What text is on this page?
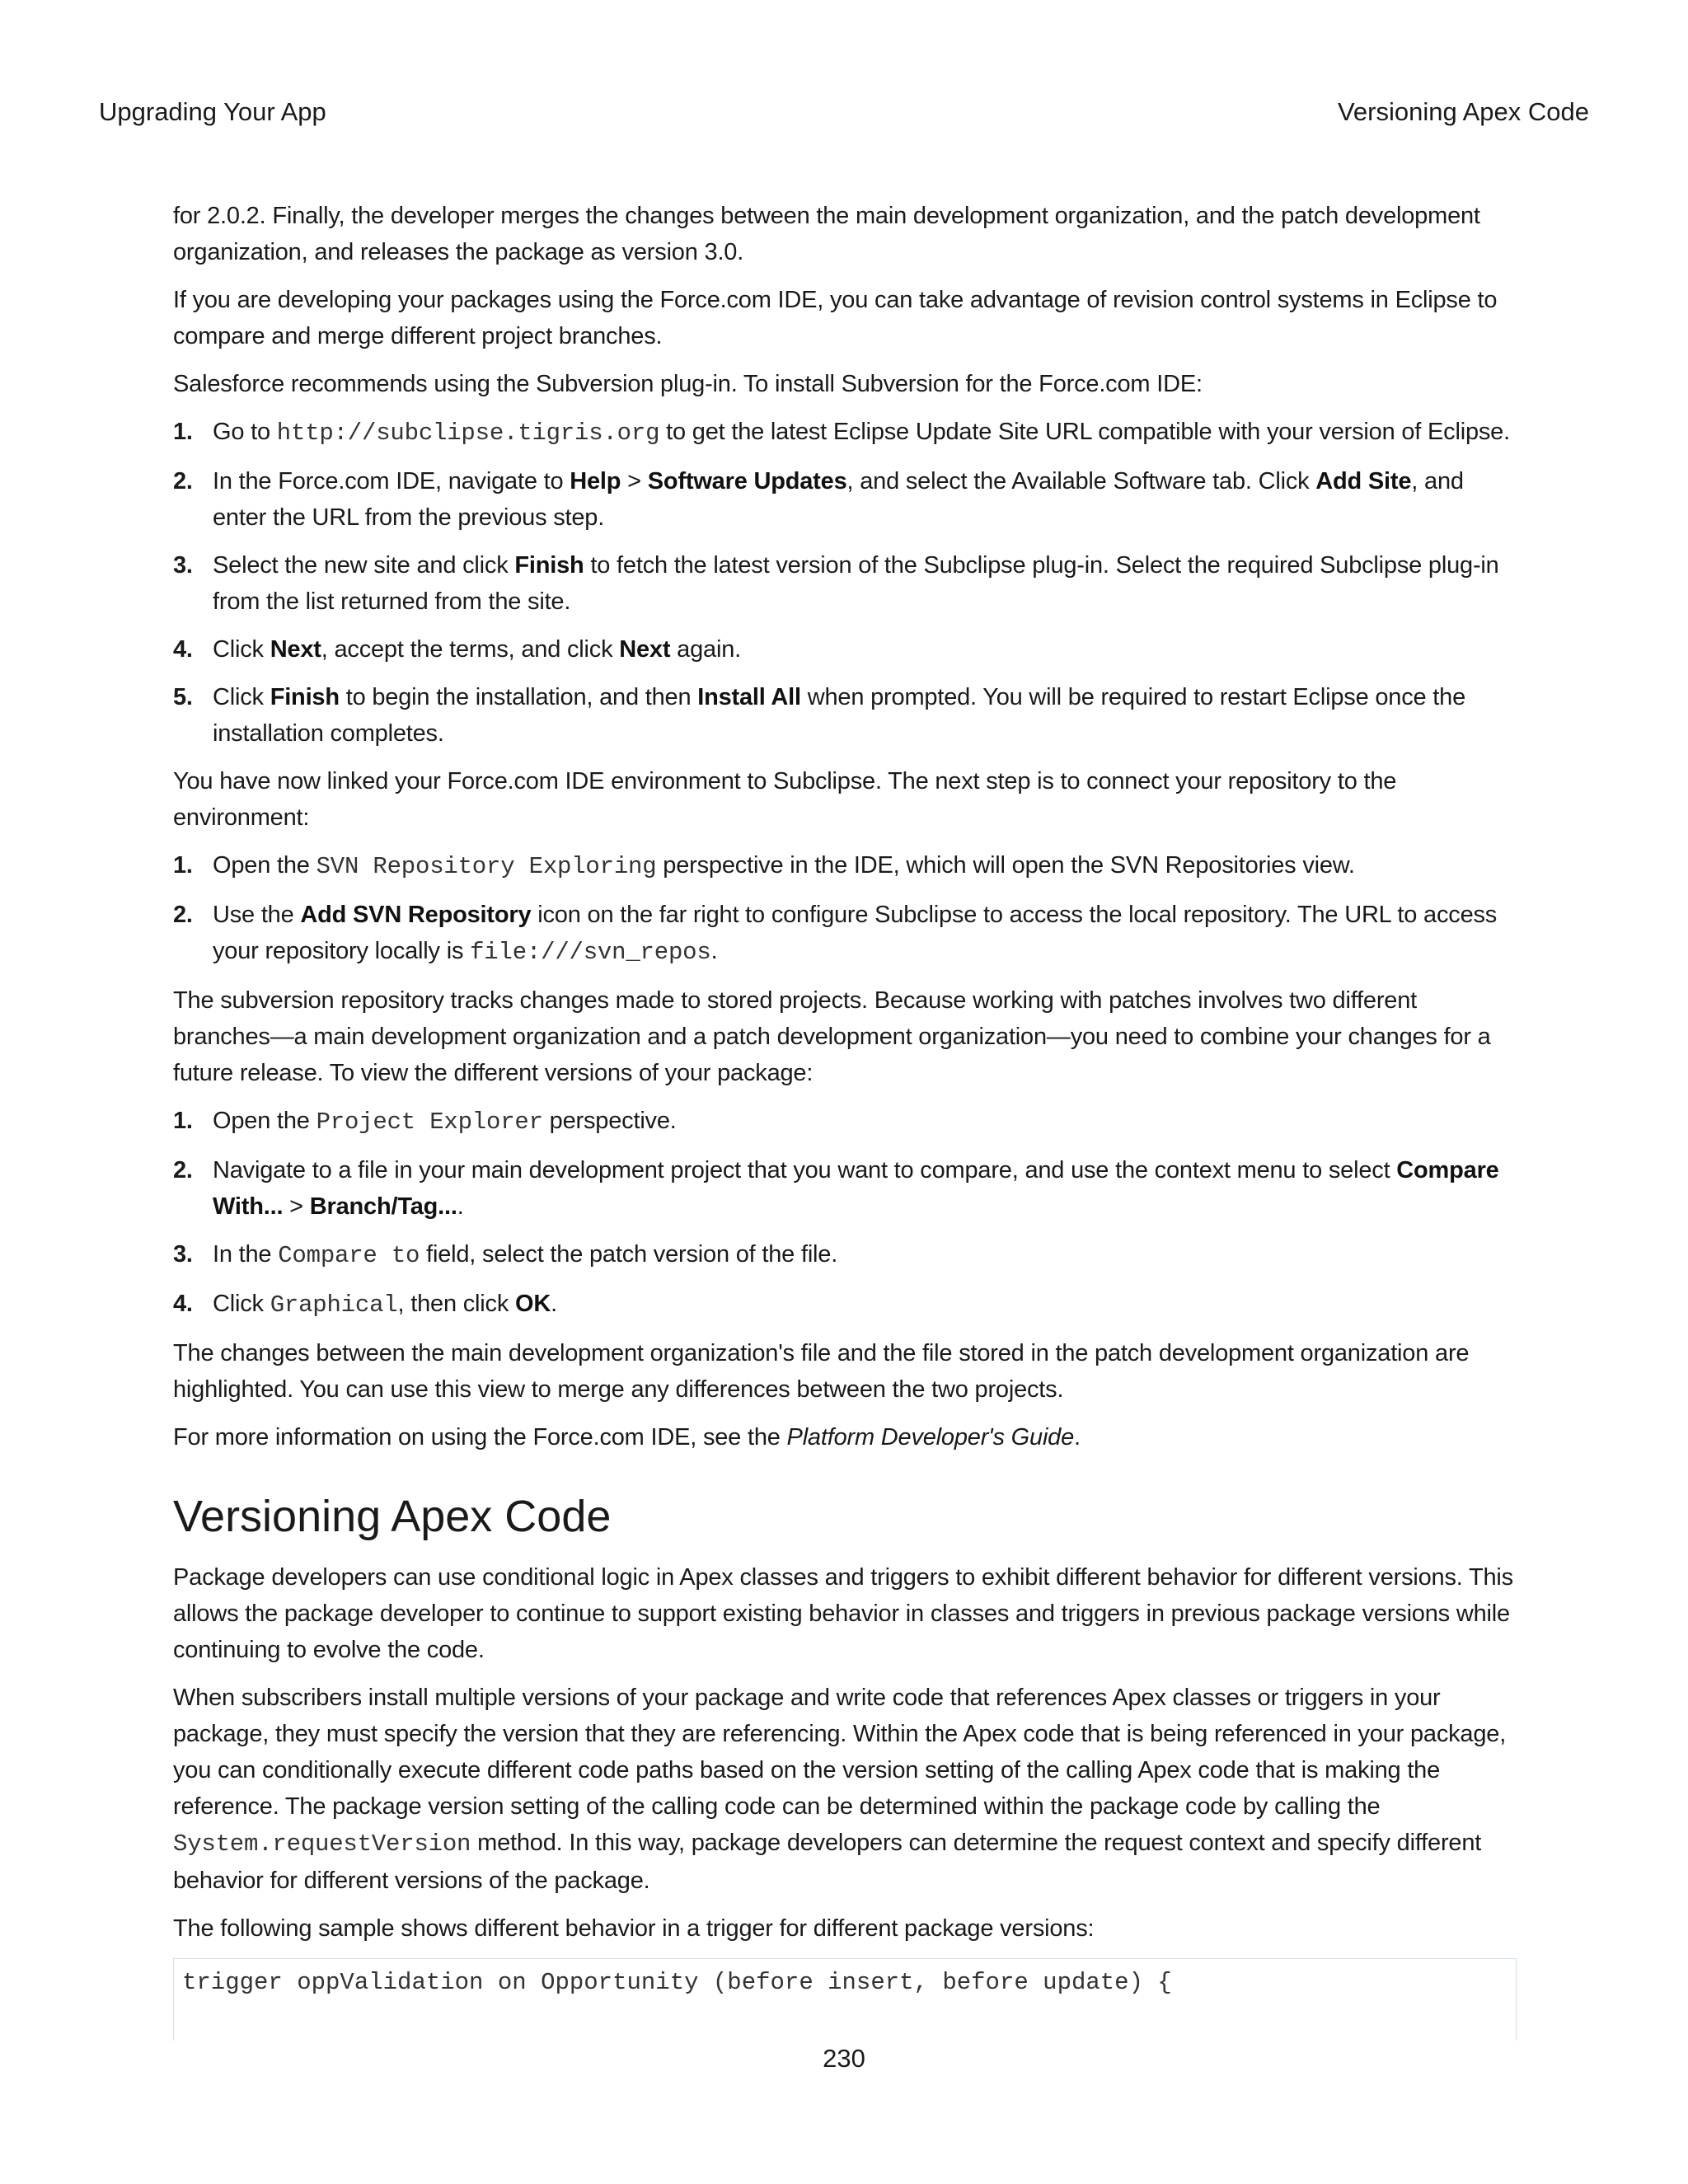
Upgrading Your App	Versioning Apex Code

for 2.0.2. Finally, the developer merges the changes between the main development organization, and the patch development organization, and releases the package as version 3.0.

If you are developing your packages using the Force.com IDE, you can take advantage of revision control systems in Eclipse to compare and merge different project branches.

Salesforce recommends using the Subversion plug-in. To install Subversion for the Force.com IDE:

1. Go to http://subclipse.tigris.org to get the latest Eclipse Update Site URL compatible with your version of Eclipse.
2. In the Force.com IDE, navigate to Help > Software Updates, and select the Available Software tab. Click Add Site, and enter the URL from the previous step.
3. Select the new site and click Finish to fetch the latest version of the Subclipse plug-in. Select the required Subclipse plug-in from the list returned from the site.
4. Click Next, accept the terms, and click Next again.
5. Click Finish to begin the installation, and then Install All when prompted. You will be required to restart Eclipse once the installation completes.

You have now linked your Force.com IDE environment to Subclipse. The next step is to connect your repository to the environment:

1. Open the SVN Repository Exploring perspective in the IDE, which will open the SVN Repositories view.
2. Use the Add SVN Repository icon on the far right to configure Subclipse to access the local repository. The URL to access your repository locally is file:///svn_repos.

The subversion repository tracks changes made to stored projects. Because working with patches involves two different branches—a main development organization and a patch development organization—you need to combine your changes for a future release. To view the different versions of your package:

1. Open the Project Explorer perspective.
2. Navigate to a file in your main development project that you want to compare, and use the context menu to select Compare With... > Branch/Tag....
3. In the Compare to field, select the patch version of the file.
4. Click Graphical, then click OK.

The changes between the main development organization's file and the file stored in the patch development organization are highlighted. You can use this view to merge any differences between the two projects.

For more information on using the Force.com IDE, see the Platform Developer's Guide.

Versioning Apex Code

Package developers can use conditional logic in Apex classes and triggers to exhibit different behavior for different versions. This allows the package developer to continue to support existing behavior in classes and triggers in previous package versions while continuing to evolve the code.

When subscribers install multiple versions of your package and write code that references Apex classes or triggers in your package, they must specify the version that they are referencing. Within the Apex code that is being referenced in your package, you can conditionally execute different code paths based on the version setting of the calling Apex code that is making the reference. The package version setting of the calling code can be determined within the package code by calling the System.requestVersion method. In this way, package developers can determine the request context and specify different behavior for different versions of the package.

The following sample shows different behavior in a trigger for different package versions:

trigger oppValidation on Opportunity (before insert, before update) {
230
